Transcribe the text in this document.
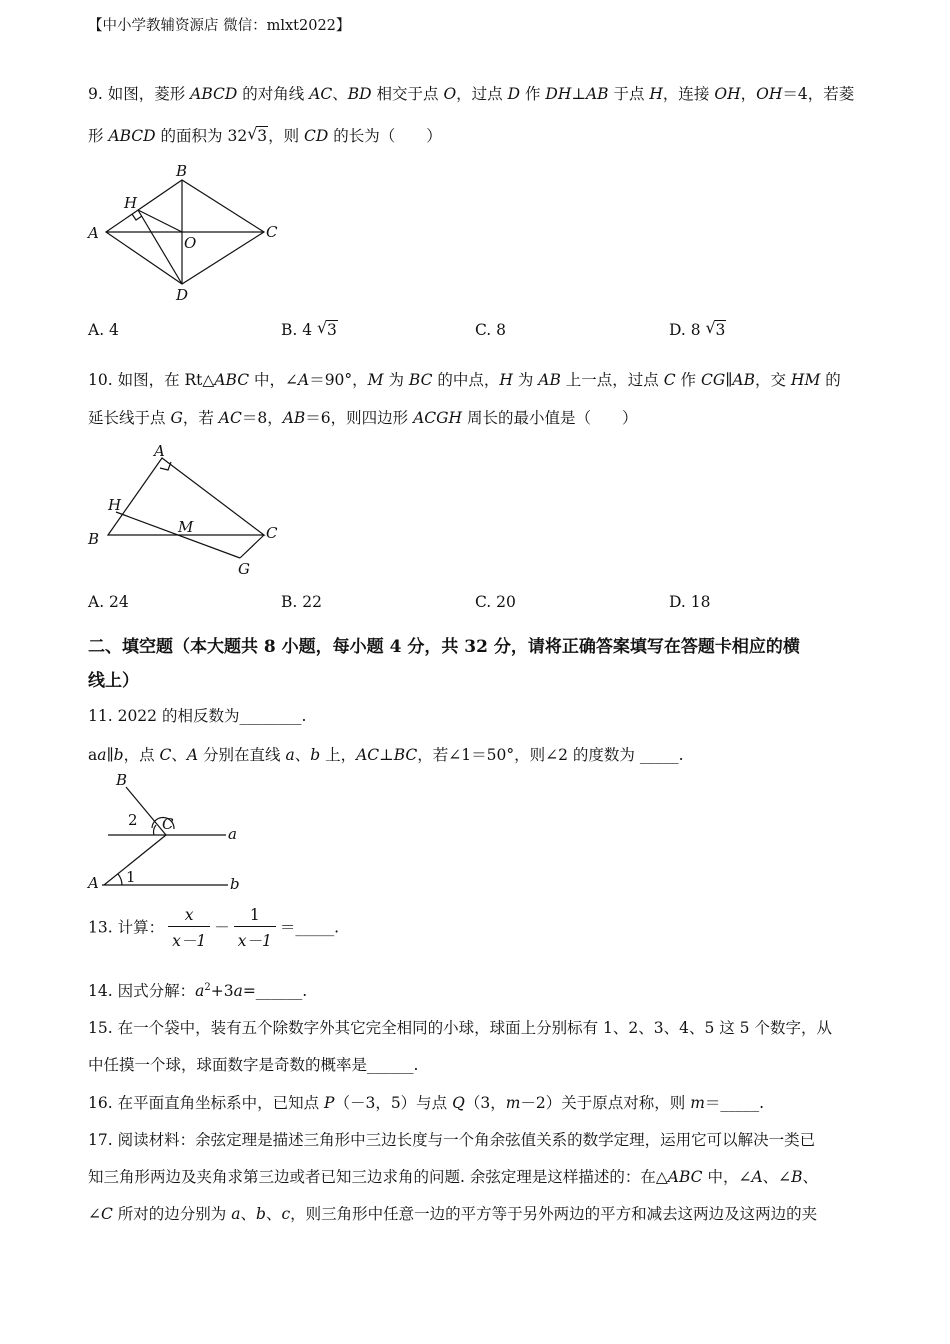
【中小学教辅资源店 微信：mlxt2022】
9. 如图，菱形 ABCD 的对角线 AC、BD 相交于点 O，过点 D 作 DH⊥AB 于点 H，连接 OH，OH＝4，若菱
形 ABCD 的面积为 32 √ 3，则 CD 的长为（　　）
A
B
C
D
H
O
A. 4	B. 4 √ 3	C. 8	D. 8 √ 3
10. 如图，在 Rt△ABC 中，∠A＝90°，M 为 BC 的中点，H 为 AB 上一点，过点 C 作 CG∥AB，交 HM 的
延长线于点 G，若 AC＝8，AB＝6，则四边形 ACGH 周长的最小值是（　　）
A
B	C
G
H
M
A. 24	B. 22	C. 20	D. 18
二、填空题（本大题共 8 小题，每小题 4 分，共 32 分，请将正确答案填写在答题卡相应的横
线上）
11. 2022 的相反数为________.
aa∥b，点 C、A 分别在直线 a、b 上，AC⊥BC，若∠1＝50°，则∠2 的度数为 _____.
B
C
a
A	b
1
2
13. 计算： $\frac{x}{x-1} - \frac{1}{x-1}$ ＝_____.
14. 因式分解：$a^2+3a=\_\_\_\_\_\_$.
15. 在一个袋中，装有五个除数字外其它完全相同的小球，球面上分别标有 1、2、3、4、5 这 5 个数字，从
中任摸一个球，球面数字是奇数的概率是______.
16. 在平面直角坐标系中，已知点 P（－3，5）与点 Q（3，m－2）关于原点对称，则 m＝_____.
17. 阅读材料：余弦定理是描述三角形中三边长度与一个角余弦值关系的数学定理，运用它可以解决一类已
知三角形两边及夹角求第三边或者已知三边求角的问题. 余弦定理是这样描述的：在△ABC 中，∠A、∠B、
∠C 所对的边分别为 a、b、c，则三角形中任意一边的平方等于另外两边的平方和减去这两边及这两边的夹
